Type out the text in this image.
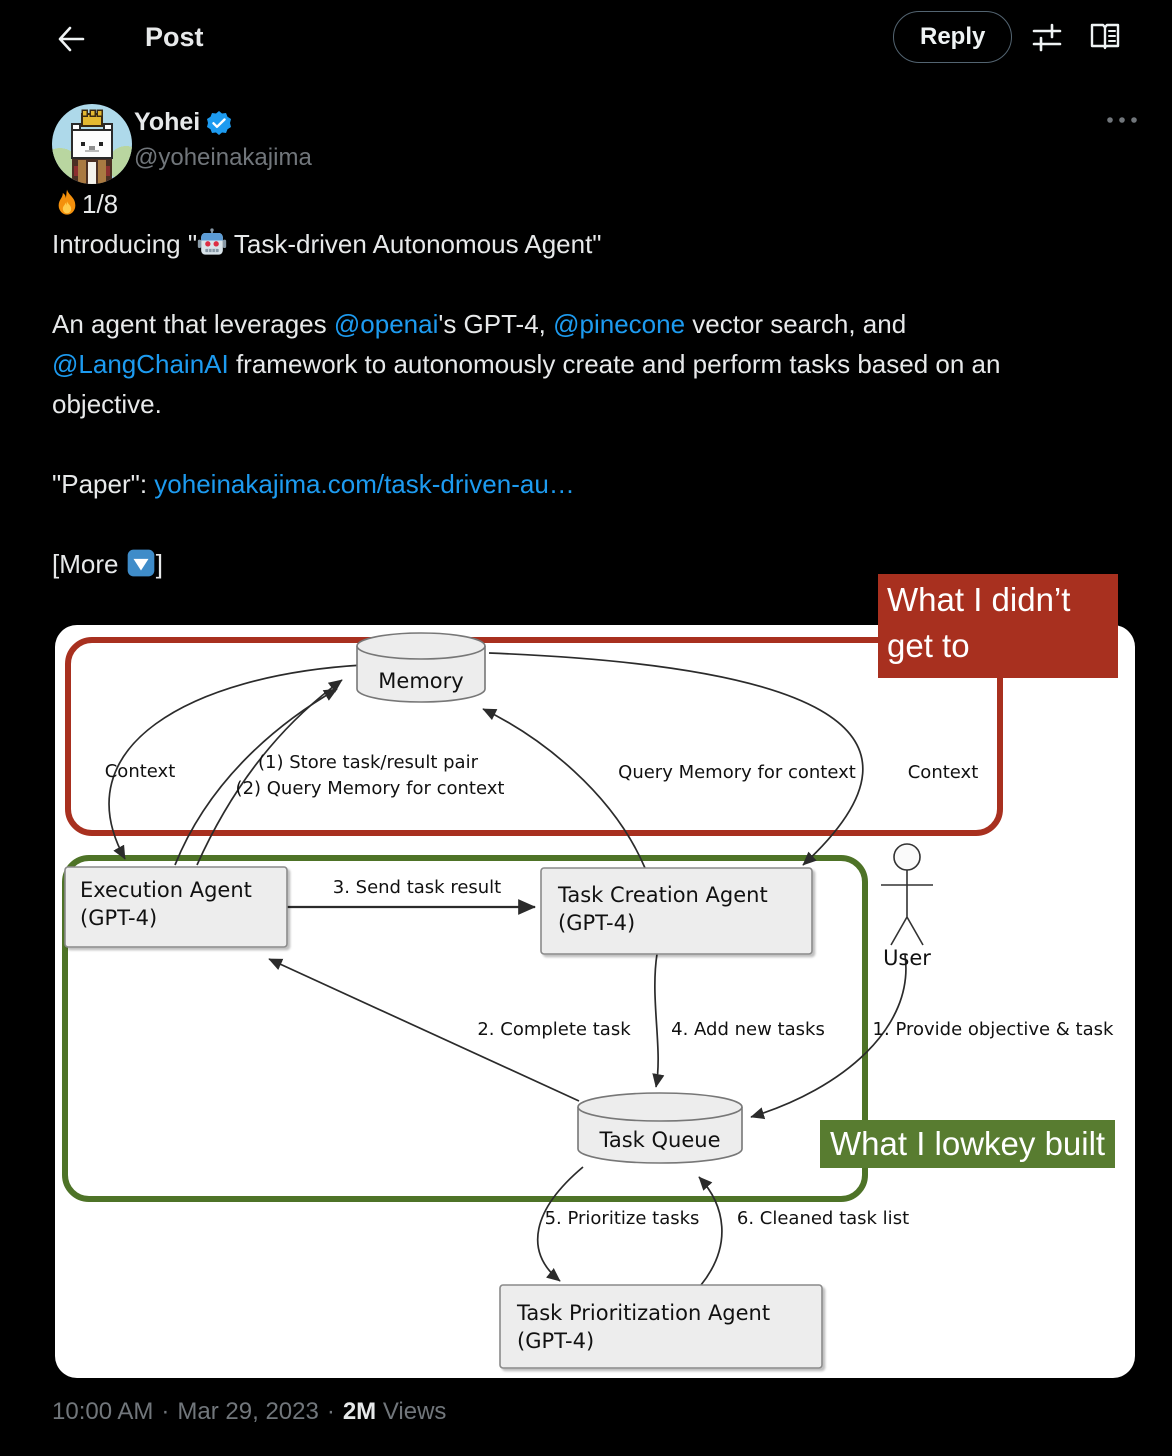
Post	Reply
Yohei
@yoheinakajima
1/8
Introducing " Task-driven Autonomous Agent"

An agent that leverages @openai's GPT-4, @pinecone vector search, and
@LangChainAI framework to autonomously create and perform tasks based on an
objective.

"Paper": yoheinakajima.com/task-driven-au…

[More ]
Memory
Task Queue
Execution Agent
(GPT-4)
Task Creation Agent
(GPT-4)
Task Prioritization Agent
(GPT-4)
User
Context	(1) Store task/result pair
(2) Query Memory for context
Query Memory for context	Context
3. Send task result
2. Complete task 4. Add new tasks	1. Provide objective & task
5. Prioritize tasks 6. Cleaned task list
What I didn’t
get to
What I lowkey built
10:00 AM · Mar 29, 2023 · 2M Views
